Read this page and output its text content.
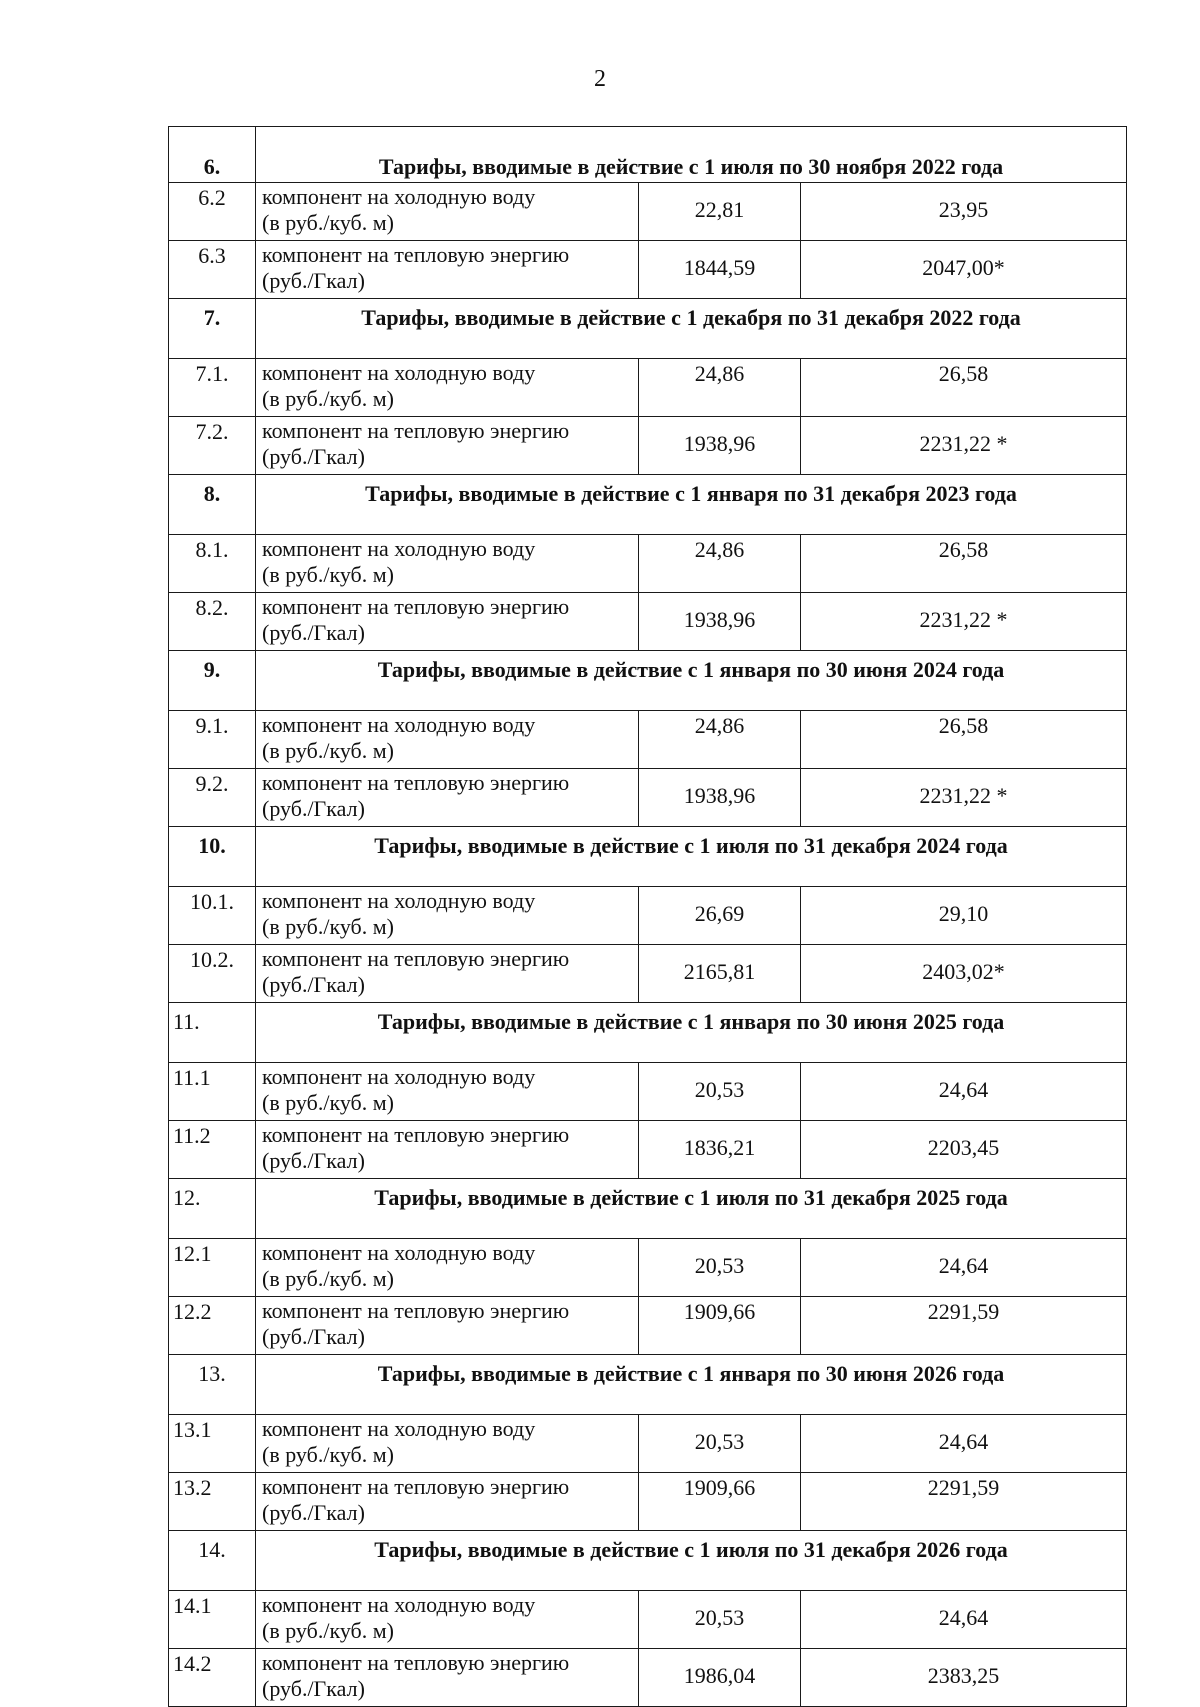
2
6.	Тарифы, вводимые в действие с 1 июля по 30 ноября 2022 года		
6.2	компонент на холодную воду
(в руб./куб. м)	22,81	23,95

6.3	компонент на тепловую энергию
(руб./Гкал)	1844,59	2047,00*

7.	Тарифы, вводимые в действие с 1 декабря по 31 декабря 2022 года		
7.1.	компонент на холодную воду
(в руб./куб. м)	24,86	26,58

7.2.	компонент на тепловую энергию
(руб./Гкал)	1938,96	2231,22 *

8.	Тарифы, вводимые в действие с 1 января по 31 декабря 2023 года		
8.1.	компонент на холодную воду
(в руб./куб. м)	24,86	26,58

8.2.	компонент на тепловую энергию
(руб./Гкал)	1938,96	2231,22 *

9.	Тарифы, вводимые в действие с 1 января по 30 июня 2024 года		
9.1.	компонент на холодную воду
(в руб./куб. м)	24,86	26,58

9.2.	компонент на тепловую энергию
(руб./Гкал)	1938,96	2231,22 *

10.	Тарифы, вводимые в действие с 1 июля по 31 декабря 2024 года		
10.1.	компонент на холодную воду
(в руб./куб. м)	26,69	29,10

10.2.	компонент на тепловую энергию
(руб./Гкал)	2165,81	2403,02*

11.	Тарифы, вводимые в действие с 1 января по 30 июня 2025 года		
11.1	компонент на холодную воду
(в руб./куб. м)	20,53	24,64

11.2	компонент на тепловую энергию
(руб./Гкал)	1836,21	2203,45

12.	Тарифы, вводимые в действие с 1 июля по 31 декабря 2025 года		
12.1	компонент на холодную воду
(в руб./куб. м)	20,53	24,64

12.2	компонент на тепловую энергию
(руб./Гкал)	1909,66	2291,59

13.	Тарифы, вводимые в действие с 1 января по 30 июня 2026 года		
13.1	компонент на холодную воду
(в руб./куб. м)	20,53	24,64

13.2	компонент на тепловую энергию
(руб./Гкал)	1909,66	2291,59

14.	Тарифы, вводимые в действие с 1 июля по 31 декабря 2026 года		
14.1	компонент на холодную воду
(в руб./куб. м)	20,53	24,64

14.2	компонент на тепловую энергию
(руб./Гкал)	1986,04	2383,25
